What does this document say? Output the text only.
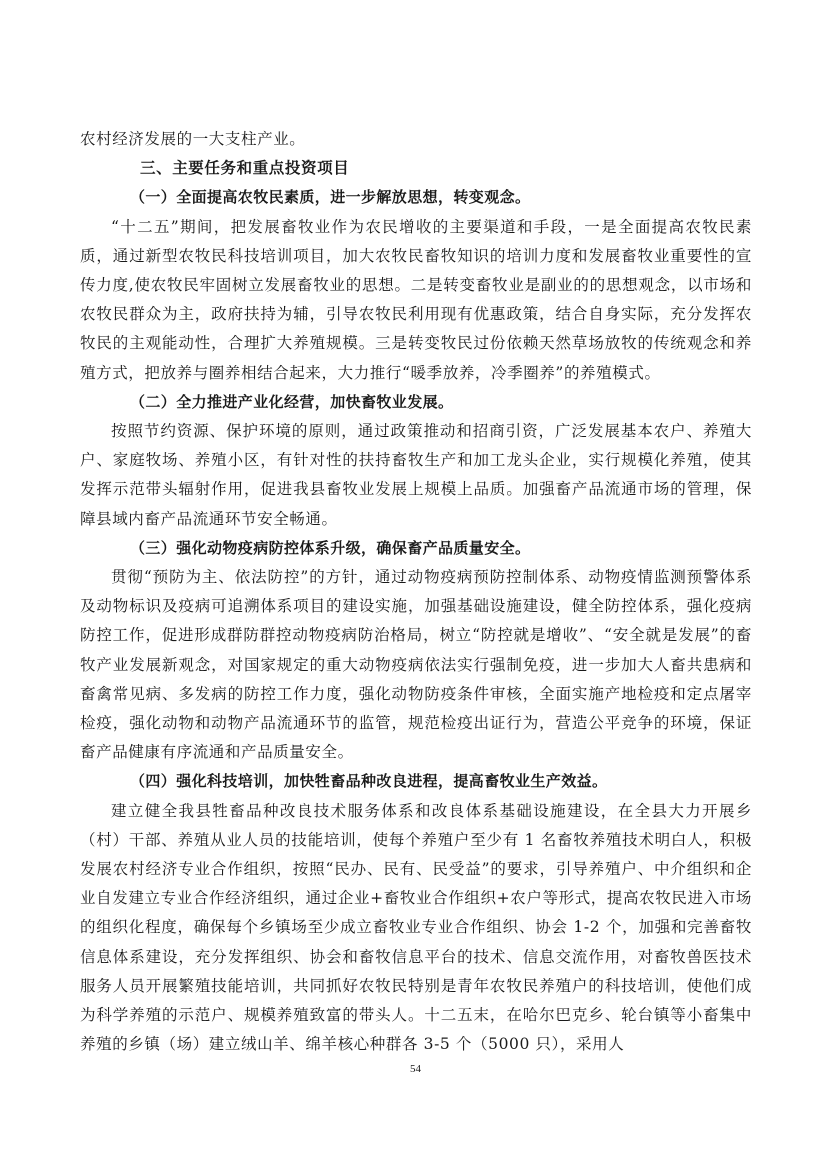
农村经济发展的一大支柱产业。

三、主要任务和重点投资项目

（一）全面提高农牧民素质，进一步解放思想，转变观念。

“十二五”期间，把发展畜牧业作为农民增收的主要渠道和手段，一是全面提高农牧民素质，通过新型农牧民科技培训项目，加大农牧民畜牧知识的培训力度和发展畜牧业重要性的宣传力度,使农牧民牢固树立发展畜牧业的思想。二是转变畜牧业是副业的的思想观念，以市场和农牧民群众为主，政府扶持为辅，引导农牧民利用现有优惠政策，结合自身实际，充分发挥农牧民的主观能动性，合理扩大养殖规模。三是转变牧民过份依赖天然草场放牧的传统观念和养殖方式，把放养与圈养相结合起来，大力推行“暖季放养，冷季圈养”的养殖模式。

（二）全力推进产业化经营，加快畜牧业发展。

按照节约资源、保护环境的原则，通过政策推动和招商引资，广泛发展基本农户、养殖大户、家庭牧场、养殖小区，有针对性的扶持畜牧生产和加工龙头企业，实行规模化养殖，使其发挥示范带头辐射作用，促进我县畜牧业发展上规模上品质。加强畜产品流通市场的管理，保障县域内畜产品流通环节安全畅通。

（三）强化动物疫病防控体系升级，确保畜产品质量安全。

贯彻“预防为主、依法防控”的方针，通过动物疫病预防控制体系、动物疫情监测预警体系及动物标识及疫病可追溯体系项目的建设实施，加强基础设施建设，健全防控体系，强化疫病防控工作，促进形成群防群控动物疫病防治格局，树立“防控就是增收”、“安全就是发展”的畜牧产业发展新观念，对国家规定的重大动物疫病依法实行强制免疫，进一步加大人畜共患病和畜禽常见病、多发病的防控工作力度，强化动物防疫条件审核，全面实施产地检疫和定点屠宰检疫，强化动物和动物产品流通环节的监管，规范检疫出证行为，营造公平竞争的环境，保证畜产品健康有序流通和产品质量安全。

（四）强化科技培训，加快牲畜品种改良进程，提高畜牧业生产效益。

建立健全我县牲畜品种改良技术服务体系和改良体系基础设施建设，在全县大力开展乡（村）干部、养殖从业人员的技能培训，使每个养殖户至少有 1 名畜牧养殖技术明白人，积极发展农村经济专业合作组织，按照“民办、民有、民受益”的要求，引导养殖户、中介组织和企业自发建立专业合作经济组织，通过企业+畜牧业合作组织+农户等形式，提高农牧民进入市场的组织化程度，确保每个乡镇场至少成立畜牧业专业合作组织、协会 1-2 个，加强和完善畜牧信息体系建设，充分发挥组织、协会和畜牧信息平台的技术、信息交流作用，对畜牧兽医技术服务人员开展繁殖技能培训，共同抓好农牧民特别是青年农牧民养殖户的科技培训，使他们成为科学养殖的示范户、规模养殖致富的带头人。十二五末，在哈尔巴克乡、轮台镇等小畜集中养殖的乡镇（场）建立绒山羊、绵羊核心种群各 3-5 个（5000 只），采用人

54
